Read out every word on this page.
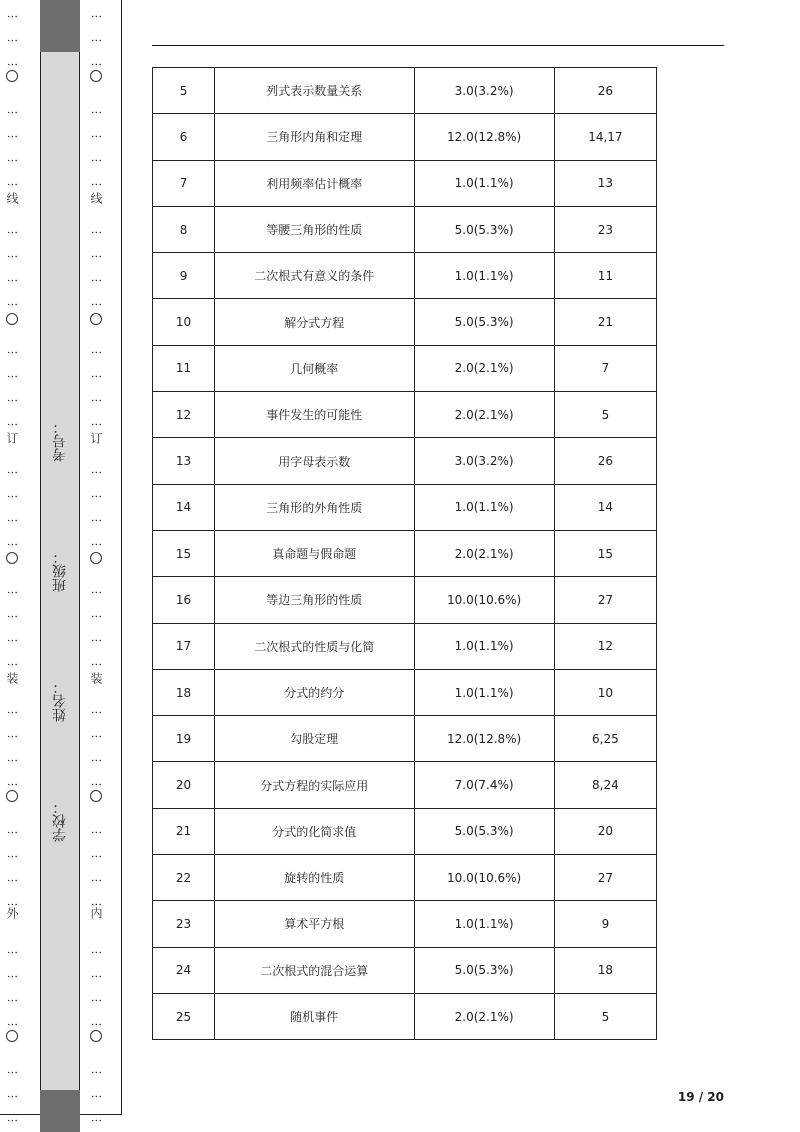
⋮
⋮
⋮
⋮
⋮
⋮
⋮
⋮
⋮
⋮
⋮
⋮
⋮
⋮
⋮
⋮
⋮
⋮
⋮
⋮
⋮
⋮
⋮
⋮
⋮
⋮
⋮
⋮
⋮
⋮
⋮
⋮
⋮
⋮
⋮
⋮
⋮
⋮
线
订
装
外
学校：
姓名：
班级：
考号：
⋮
⋮
⋮
⋮
⋮
⋮
⋮
⋮
⋮
⋮
⋮
⋮
⋮
⋮
⋮
⋮
⋮
⋮
⋮
⋮
⋮
⋮
⋮
⋮
⋮
⋮
⋮
⋮
⋮
⋮
⋮
⋮
⋮
⋮
⋮
⋮
⋮
⋮
线
订
装
内
5	列式表示数量关系	3.0(3.2%)	26
6	三角形内角和定理	12.0(12.8%)	14,17
7	利用频率估计概率	1.0(1.1%)	13
8	等腰三角形的性质	5.0(5.3%)	23
9	二次根式有意义的条件	1.0(1.1%)	11
10	解分式方程	5.0(5.3%)	21
11	几何概率	2.0(2.1%)	7
12	事件发生的可能性	2.0(2.1%)	5
13	用字母表示数	3.0(3.2%)	26
14	三角形的外角性质	1.0(1.1%)	14
15	真命题与假命题	2.0(2.1%)	15
16	等边三角形的性质	10.0(10.6%)	27
17	二次根式的性质与化简	1.0(1.1%)	12
18	分式的约分	1.0(1.1%)	10
19	勾股定理	12.0(12.8%)	6,25
20	分式方程的实际应用	7.0(7.4%)	8,24
21	分式的化简求值	5.0(5.3%)	20
22	旋转的性质	10.0(10.6%)	27
23	算术平方根	1.0(1.1%)	9
24	二次根式的混合运算	5.0(5.3%)	18
25	随机事件	2.0(2.1%)	5
19 / 20
